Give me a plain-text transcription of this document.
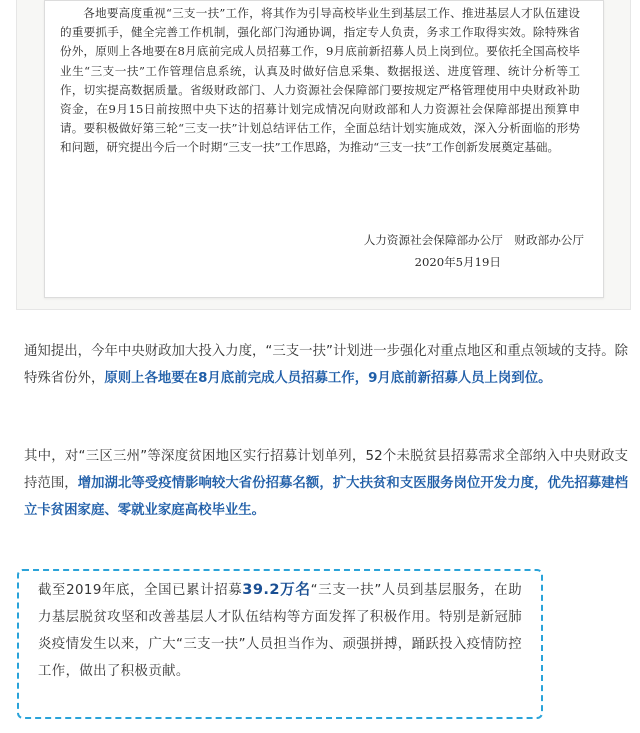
各地要高度重视“三支一扶”工作，将其作为引导高校毕业生到基层工作、推进基层人才队伍建设的重要抓手，健全完善工作机制，强化部门沟通协调，指定专人负责，务求工作取得实效。除特殊省份外，原则上各地要在8月底前完成人员招募工作，9月底前新招募人员上岗到位。要依托全国高校毕业生“三支一扶”工作管理信息系统，认真及时做好信息采集、数据报送、进度管理、统计分析等工作，切实提高数据质量。省级财政部门、人力资源社会保障部门要按规定严格管理使用中央财政补助资金，在9月15日前按照中央下达的招募计划完成情况向财政部和人力资源社会保障部提出预算申请。要积极做好第三轮“三支一扶”计划总结评估工作，全面总结计划实施成效，深入分析面临的形势和问题，研究提出今后一个时期“三支一扶”工作思路，为推动“三支一扶”工作创新发展奠定基础。

人力资源社会保障部办公厅　财政部办公厅

2020年5月19日

通知提出，今年中央财政加大投入力度，“三支一扶”计划进一步强化对重点地区和重点领域的支持。除特殊省份外，原则上各地要在8月底前完成人员招募工作，9月底前新招募人员上岗到位。

其中，对“三区三州”等深度贫困地区实行招募计划单列，52个未脱贫县招募需求全部纳入中央财政支持范围，增加湖北等受疫情影响较大省份招募名额，扩大扶贫和支医服务岗位开发力度，优先招募建档立卡贫困家庭、零就业家庭高校毕业生。

截至2019年底，全国已累计招募39.2万名“三支一扶”人员到基层服务，在助力基层脱贫攻坚和改善基层人才队伍结构等方面发挥了积极作用。特别是新冠肺炎疫情发生以来，广大“三支一扶”人员担当作为、顽强拼搏，踊跃投入疫情防控工作，做出了积极贡献。
